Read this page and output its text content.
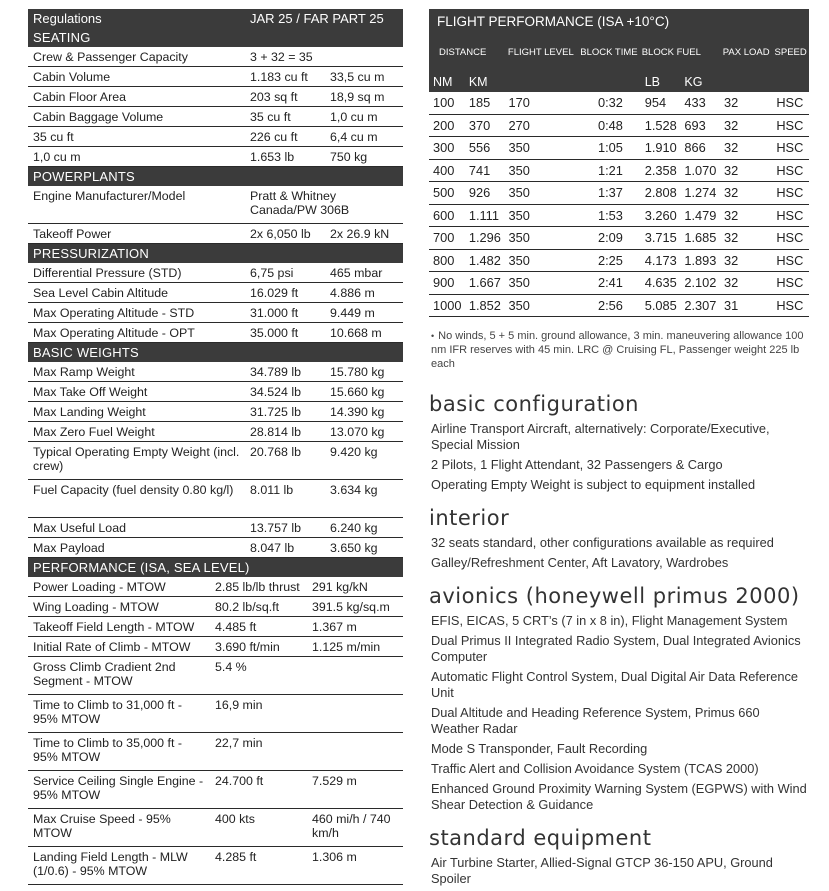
Regulations	JAR 25 / FAR PART 25	
SEATING		
Crew & Passenger Capacity	3 + 32 = 35	
Cabin Volume	1.183 cu ft	33,5 cu m
Cabin Floor Area	203 sq ft	18,9 sq m
Cabin Baggage Volume	35 cu ft	1,0 cu m
35 cu ft	226 cu ft	6,4 cu m
1,0 cu m	1.653 lb	750 kg
POWERPLANTS		
Engine Manufacturer/Model	Pratt & Whitney Canada/PW 306B	
Takeoff Power	2x 6,050 lb	2x 26.9 kN
PRESSURIZATION		
Differential Pressure (STD)	6,75 psi	465 mbar
Sea Level Cabin Altitude	16.029 ft	4.886 m
Max Operating Altitude - STD	31.000 ft	9.449 m
Max Operating Altitude - OPT	35.000 ft	10.668 m
BASIC WEIGHTS		
Max Ramp Weight	34.789 lb	15.780 kg
Max Take Off Weight	34.524 lb	15.660 kg
Max Landing Weight	31.725 lb	14.390 kg
Max Zero Fuel Weight	28.814 lb	13.070 kg
Typical Operating Empty Weight (incl. crew)	20.768 lb	9.420 kg
Fuel Capacity (fuel density 0.80 kg/l)	8.011 lb	3.634 kg
Max Useful Load	13.757 lb	6.240 kg
Max Payload	8.047 lb	3.650 kg
PERFORMANCE (ISA, SEA LEVEL)		
Power Loading - MTOW	2.85 lb/lb thrust	291 kg/kN
Wing Loading - MTOW	80.2 lb/sq.ft	391.5 kg/sq.m
Takeoff Field Length - MTOW	4.485 ft	1.367 m
Initial Rate of Climb - MTOW	3.690 ft/min	1.125 m/min
Gross Climb Cradient 2nd Segment - MTOW	5.4 %	
Time to Climb to 31,000 ft - 95% MTOW	16,9 min	
Time to Climb to 35,000 ft - 95% MTOW	22,7 min	
Service Ceiling Single Engine - 95% MTOW	24.700 ft	7.529 m
Max Cruise Speed - 95% MTOW	400 kts	460 mi/h / 740 km/h
Landing Field Length - MLW (1/0.6) - 95% MTOW	4.285 ft	1.306 m
FLIGHT PERFORMANCE (ISA +10°C)							
DISTANCE		FLIGHT LEVEL	BLOCK TIME	BLOCK FUEL		PAX LOAD	SPEED
NM	KM			LB	KG		
100	185	170	0:32	954	433	32	HSC
200	370	270	0:48	1.528	693	32	HSC
300	556	350	1:05	1.910	866	32	HSC
400	741	350	1:21	2.358	1.070	32	HSC
500	926	350	1:37	2.808	1.274	32	HSC
600	1.111	350	1:53	3.260	1.479	32	HSC
700	1.296	350	2:09	3.715	1.685	32	HSC
800	1.482	350	2:25	4.173	1.893	32	HSC
900	1.667	350	2:41	4.635	2.102	32	HSC
1000	1.852	350	2:56	5.085	2.307	31	HSC
• No winds, 5 + 5 min. ground allowance, 3 min. maneuvering allowance 100 nm IFR reserves with 45 min. LRC @ Cruising FL, Passenger weight 225 lb each
basic configuration

Airline Transport Aircraft, alternatively: Corporate/Executive, Special Mission

2 Pilots, 1 Flight Attendant, 32 Passengers & Cargo

Operating Empty Weight is subject to equipment installed

interior

32 seats standard, other configurations available as required

Galley/Refreshment Center, Aft Lavatory, Wardrobes

avionics (honeywell primus 2000)

EFIS, EICAS, 5 CRT’s (7 in x 8 in), Flight Management System

Dual Primus II Integrated Radio System, Dual Integrated Avionics Computer

Automatic Flight Control System, Dual Digital Air Data Reference Unit

Dual Altitude and Heading Reference System, Primus 660 Weather Radar

Mode S Transponder, Fault Recording

Traffic Alert and Collision Avoidance System (TCAS 2000)

Enhanced Ground Proximity Warning System (EGPWS) with Wind Shear Detection & Guidance

standard equipment

Air Turbine Starter, Allied-Signal GTCP 36-150 APU, Ground Spoiler
